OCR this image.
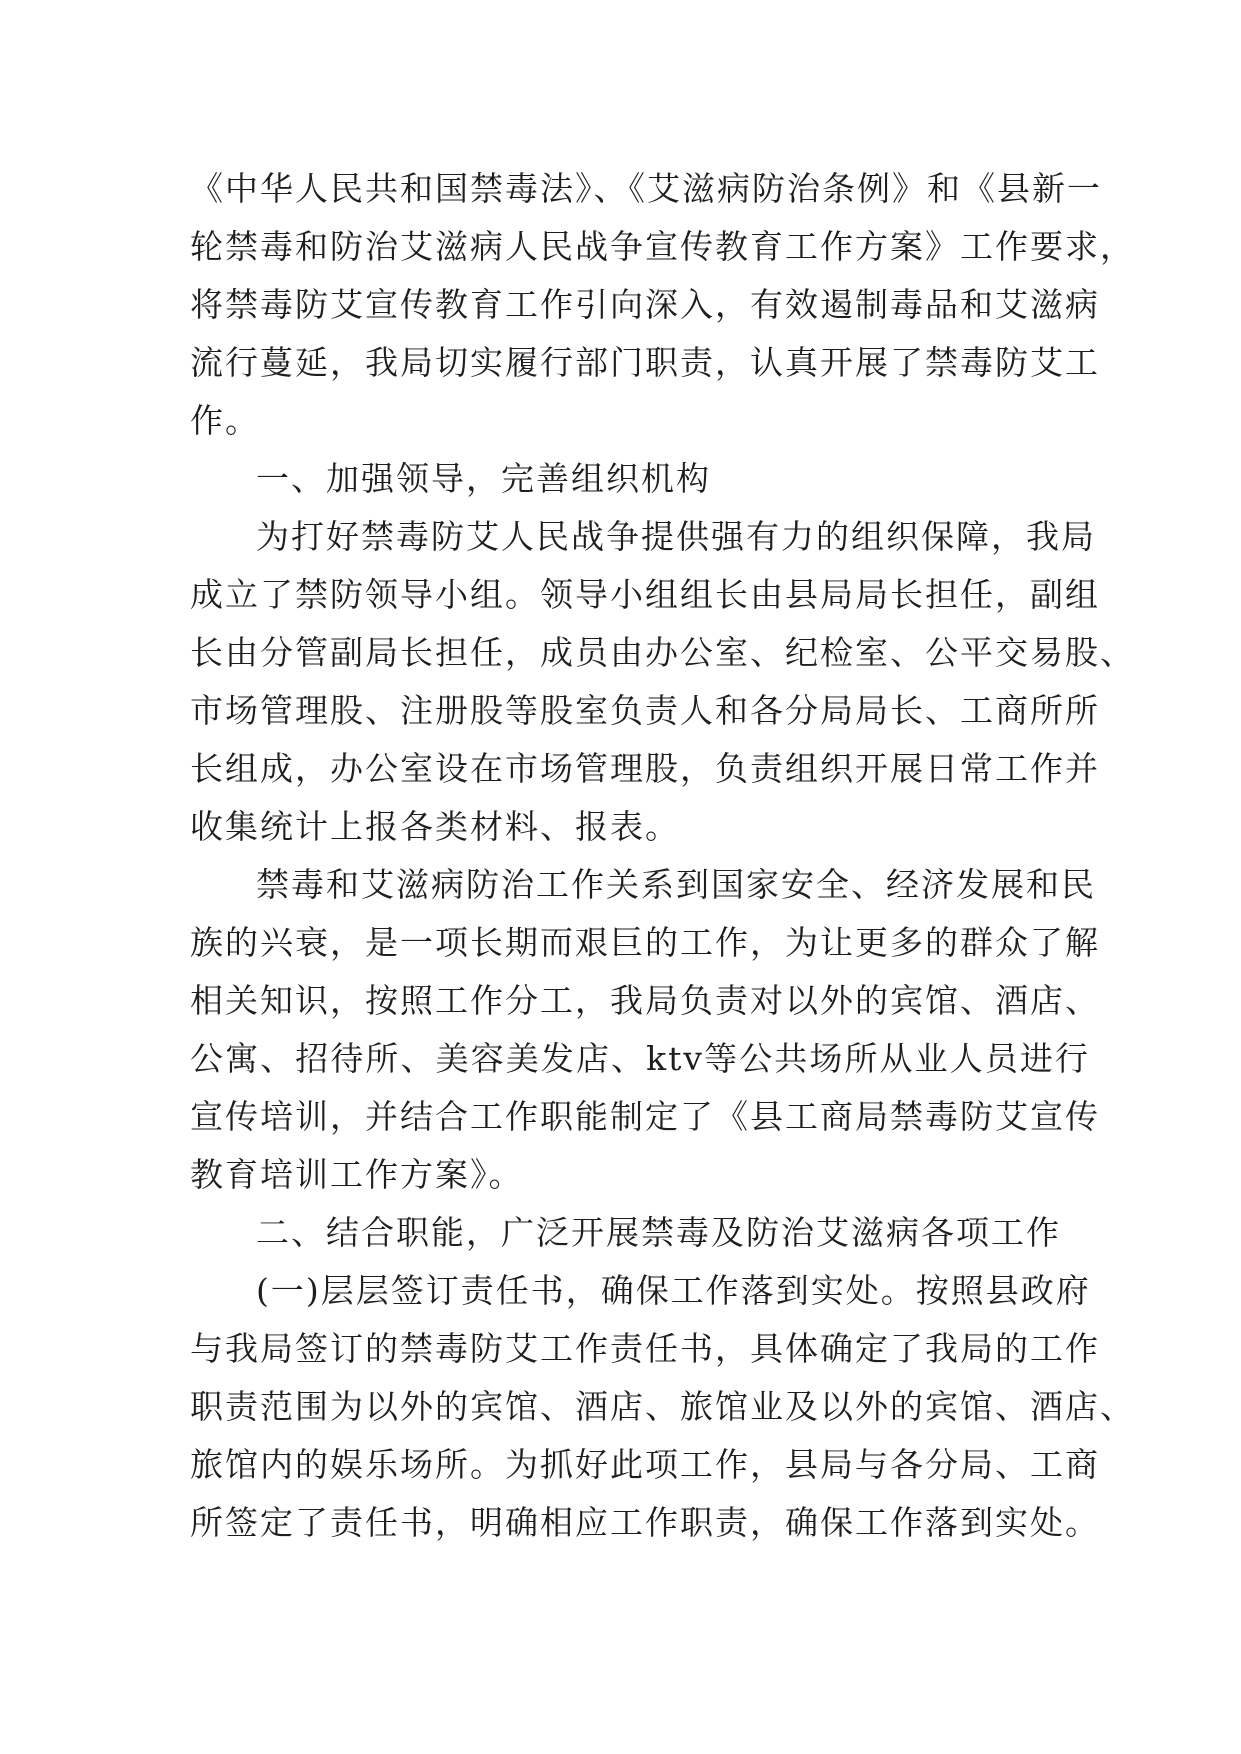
《中华人民共和国禁毒法》、《艾滋病防治条例》和《县新一
轮禁毒和防治艾滋病人民战争宣传教育工作方案》工作要求，
将禁毒防艾宣传教育工作引向深入，有效遏制毒品和艾滋病
流行蔓延，我局切实履行部门职责，认真开展了禁毒防艾工
作。
一、加强领导，完善组织机构
为打好禁毒防艾人民战争提供强有力的组织保障，我局
成立了禁防领导小组。领导小组组长由县局局长担任，副组
长由分管副局长担任，成员由办公室、纪检室、公平交易股、
市场管理股、注册股等股室负责人和各分局局长、工商所所
长组成，办公室设在市场管理股，负责组织开展日常工作并
收集统计上报各类材料、报表。
禁毒和艾滋病防治工作关系到国家安全、经济发展和民
族的兴衰，是一项长期而艰巨的工作，为让更多的群众了解
相关知识，按照工作分工，我局负责对以外的宾馆、酒店、
公寓、招待所、美容美发店、ktv等公共场所从业人员进行
宣传培训，并结合工作职能制定了《县工商局禁毒防艾宣传
教育培训工作方案》。
二、结合职能，广泛开展禁毒及防治艾滋病各项工作
(一)层层签订责任书，确保工作落到实处。按照县政府
与我局签订的禁毒防艾工作责任书，具体确定了我局的工作
职责范围为以外的宾馆、酒店、旅馆业及以外的宾馆、酒店、
旅馆内的娱乐场所。为抓好此项工作，县局与各分局、工商
所签定了责任书，明确相应工作职责，确保工作落到实处。
